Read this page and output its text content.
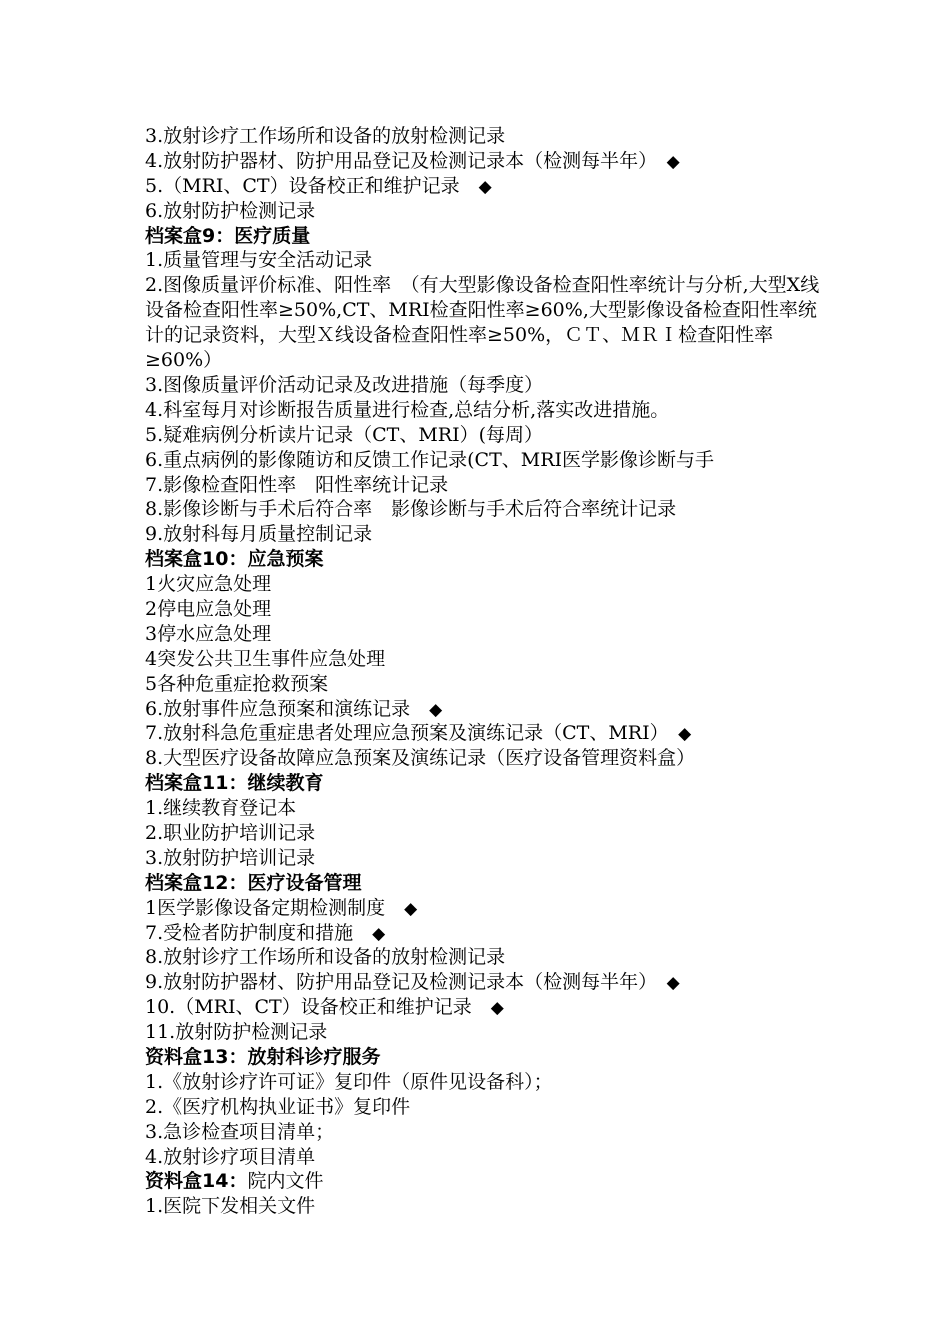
3.放射诊疗工作场所和设备的放射检测记录
4.放射防护器材、防护用品登记及检测记录本（检测每半年）　 ◆
5.（MRI、CT）设备校正和维护记录　 ◆
6.放射防护检测记录
档案盒9：医疗质量
1.质量管理与安全活动记录
2.图像质量评价标准、阳性率　（有大型影像设备检查阳性率统计与分析,大型X线设备检查阳性率≥50%,CT、MRI检查阳性率≥60%,大型影像设备检查阳性率统计的记录资料，大型Ｘ线设备检查阳性率≥50%，ＣＴ、ＭＲＩ检查阳性率≥60%）
3.图像质量评价活动记录及改进措施（每季度）
4.科室每月对诊断报告质量进行检查,总结分析,落实改进措施。
5.疑难病例分析读片记录（CT、MRI）(每周）
6.重点病例的影像随访和反馈工作记录(CT、MRI医学影像诊断与手
7.影像检查阳性率　阳性率统计记录
8.影像诊断与手术后符合率　影像诊断与手术后符合率统计记录
9.放射科每月质量控制记录
档案盒10：应急预案
1火灾应急处理
2停电应急处理
3停水应急处理
4突发公共卫生事件应急处理
5各种危重症抢救预案
6.放射事件应急预案和演练记录　 ◆
7.放射科急危重症患者处理应急预案及演练记录（CT、MRI）　 ◆
8.大型医疗设备故障应急预案及演练记录（医疗设备管理资料盒）
档案盒11：继续教育
1.继续教育登记本
2.职业防护培训记录
3.放射防护培训记录
档案盒12：医疗设备管理
1医学影像设备定期检测制度　 ◆
7.受检者防护制度和措施　 ◆
8.放射诊疗工作场所和设备的放射检测记录
9.放射防护器材、防护用品登记及检测记录本（检测每半年）　 ◆
10.（MRI、CT）设备校正和维护记录　 ◆
11.放射防护检测记录
资料盒13：放射科诊疗服务
1.《放射诊疗许可证》复印件（原件见设备科）；
2.《医疗机构执业证书》复印件
3.急诊检查项目清单；
4.放射诊疗项目清单
资料盒14：院内文件
1.医院下发相关文件
